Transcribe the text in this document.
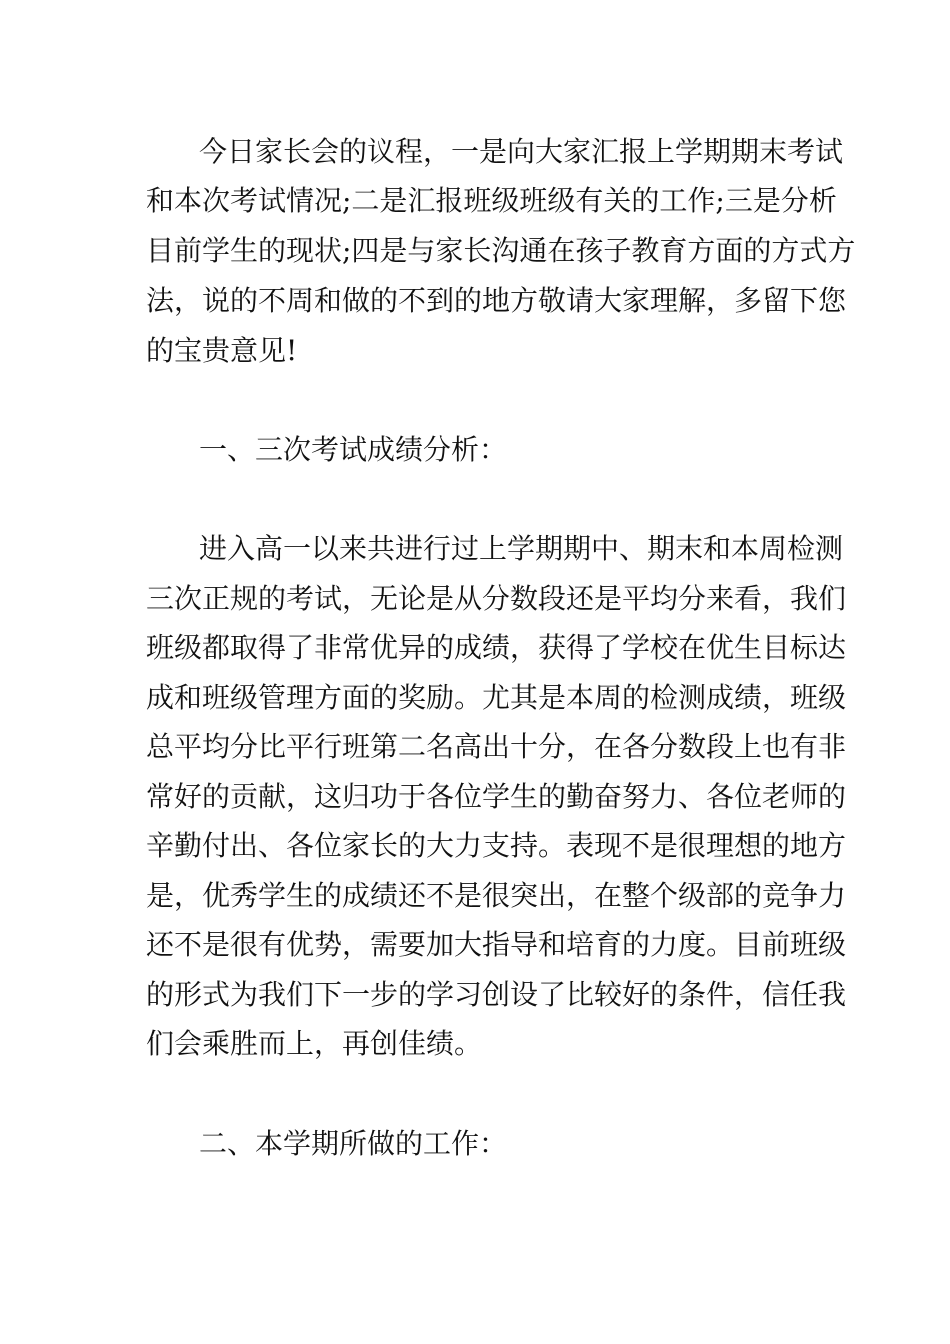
今日家长会的议程，一是向大家汇报上学期期末考试
和本次考试情况;二是汇报班级班级有关的工作;三是分析
目前学生的现状;四是与家长沟通在孩子教育方面的方式方
法，说的不周和做的不到的地方敬请大家理解，多留下您
的宝贵意见!
一、三次考试成绩分析：
进入高一以来共进行过上学期期中、期末和本周检测
三次正规的考试，无论是从分数段还是平均分来看，我们
班级都取得了非常优异的成绩，获得了学校在优生目标达
成和班级管理方面的奖励。尤其是本周的检测成绩，班级
总平均分比平行班第二名高出十分，在各分数段上也有非
常好的贡献，这归功于各位学生的勤奋努力、各位老师的
辛勤付出、各位家长的大力支持。表现不是很理想的地方
是，优秀学生的成绩还不是很突出，在整个级部的竞争力
还不是很有优势，需要加大指导和培育的力度。目前班级
的形式为我们下一步的学习创设了比较好的条件，信任我
们会乘胜而上，再创佳绩。
二、本学期所做的工作：
